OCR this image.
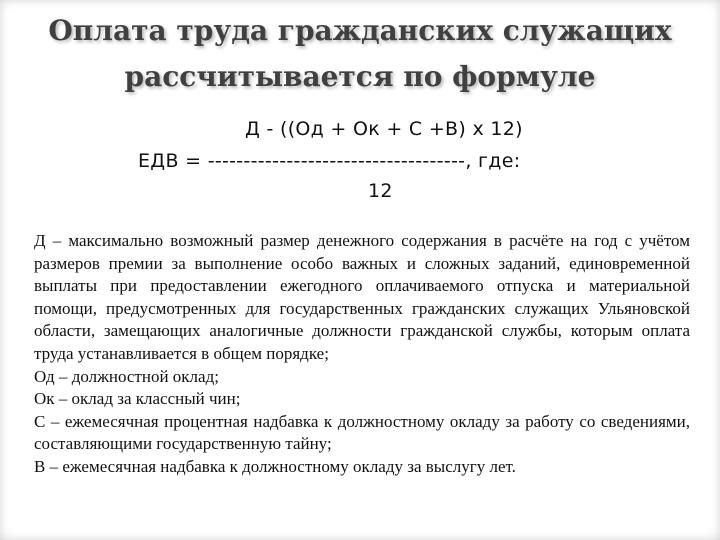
Оплата труда гражданских служащих
рассчитывается по формуле
Д - ((Од + Ок + С +В) х 12)
ЕДВ = ------------------------------------, где:
12

Д – максимально возможный размер денежного содержания в расчёте на год с учётом размеров премии за выполнение особо важных и сложных заданий, единовременной выплаты при предоставлении ежегодного оплачиваемого отпуска и материальной помощи, предусмотренных для государственных гражданских служащих Ульяновской области, замещающих аналогичные должности гражданской службы, которым оплата труда устанавливается в общем порядке;

Од – должностной оклад;

Ок – оклад за классный чин;

С – ежемесячная процентная надбавка к должностному окладу за работу со сведениями, составляющими государственную тайну;

В – ежемесячная надбавка к должностному окладу за выслугу лет.
